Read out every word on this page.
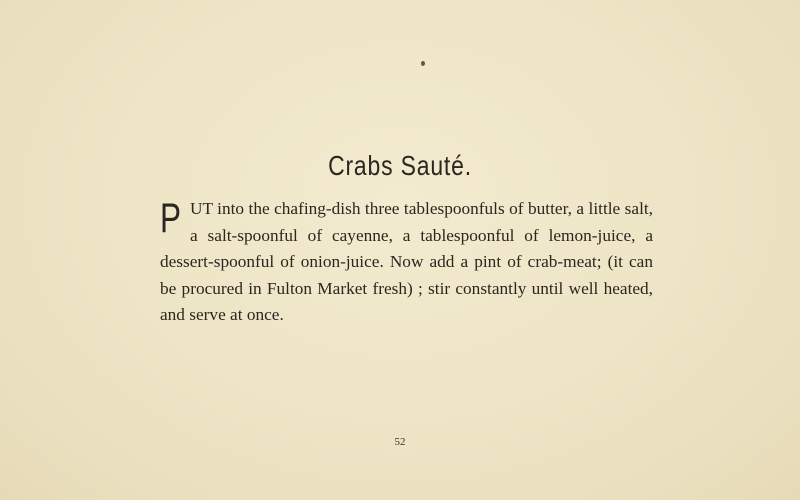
Crabs Sauté.
PUT into the chafing-dish three tablespoonfuls of butter, a little salt, a salt-spoonful of cayenne, a tablespoonful of lemon-juice, a dessert-spoonful of onion-juice. Now add a pint of crab-meat; (it can be procured in Fulton Market fresh) ; stir constantly until well heated, and serve at once.
52
